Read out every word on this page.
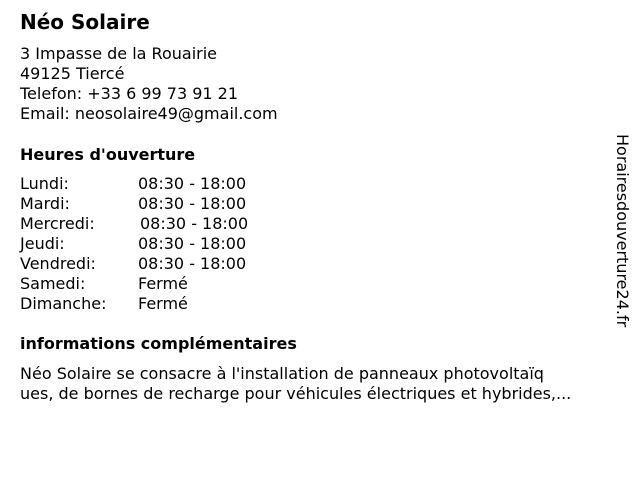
Néo Solaire
3 Impasse de la Rouairie
49125 Tiercé
Telefon: +33 6 99 73 91 21
Email: neosolaire49@gmail.com
Heures d'ouverture
Lundi:	08:30 - 18:00
Mardi:	08:30 - 18:00
Mercredi:	08:30 - 18:00
Jeudi:	08:30 - 18:00
Vendredi:	08:30 - 18:00
Samedi:	Fermé
Dimanche: Fermé
informations complémentaires
Néo Solaire se consacre à l'installation de panneaux photovoltaïq
ues, de bornes de recharge pour véhicules électriques et hybrides,...
Horairesdouverture24.fr
